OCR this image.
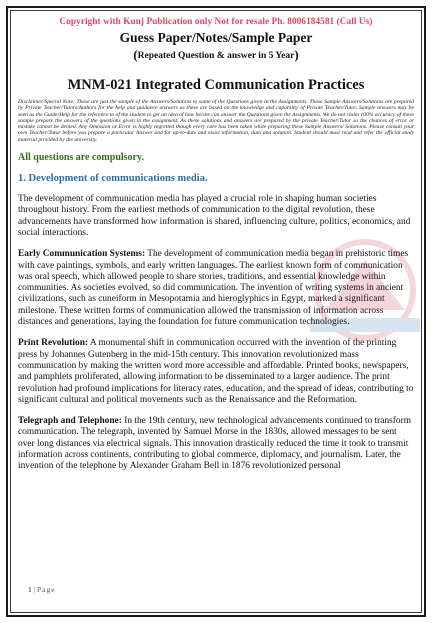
Copyright with Kunj Publication only Not for resale Ph. 8006184581 (Call Us)
Guess Paper/Notes/Sample Paper
(Repeated Question & answer in 5 Year)
MNM-021 Integrated Communication Practices
Disclaimer/Special Note: These are just the sample of the Answers/Solutions to some of the Questions given in the Assignments. These Sample Answers/Solutions are prepared by Private Teacher/Tutors/Authors for the help and guidance answers as these are based on the knowledge and capability of Private Teacher/Tutor. Sample answers may be seen as the Guide/Help for the reference to of the student to get an idea of how he/she can answer the Questions given the Assignments. We do not claim 100% accuracy of these sample prepare the answers of the questions given in the assignment. As these solutions and answers are prepared by the private Teacher/Tutor so the chances of error or mistake cannot be denied. Any Omission or Error is highly regretted though every care has been taken while preparing these Sample Answers/ Solutions. Please consult your own Teacher/Tutor before you prepare a particular Answer and for up-to-date and exact information, data and solution. Student should must read and refer the official study material provided by the university.
All questions are compulsory.
1. Development of communications media.

The development of communication media has played a crucial role in shaping human societies throughout history. From the earliest methods of communication to the digital revolution, these advancements have transformed how information is shared, influencing culture, politics, economics, and social interactions.

Early Communication Systems: The development of communication media began in prehistoric times with cave paintings, symbols, and early written languages. The earliest known form of communication was oral speech, which allowed people to share stories, traditions, and essential knowledge within communities. As societies evolved, so did communication. The invention of writing systems in ancient civilizations, such as cuneiform in Mesopotamia and hieroglyphics in Egypt, marked a significant milestone. These written forms of communication allowed the transmission of information across distances and generations, laying the foundation for future communication technologies.

Print Revolution: A monumental shift in communication occurred with the invention of the printing press by Johannes Gutenberg in the mid-15th century. This innovation revolutionized mass communication by making the written word more accessible and affordable. Printed books, newspapers, and pamphlets proliferated, allowing information to be disseminated to a larger audience. The print revolution had profound implications for literacy rates, education, and the spread of ideas, contributing to significant cultural and political movements such as the Renaissance and the Reformation.

Telegraph and Telephone: In the 19th century, new technological advancements continued to transform communication. The telegraph, invented by Samuel Morse in the 1830s, allowed messages to be sent over long distances via electrical signals. This innovation drastically reduced the time it took to transmit information across continents, contributing to global commerce, diplomacy, and journalism. Later, the invention of the telephone by Alexander Graham Bell in 1876 revolutionized personal

1 | Page
